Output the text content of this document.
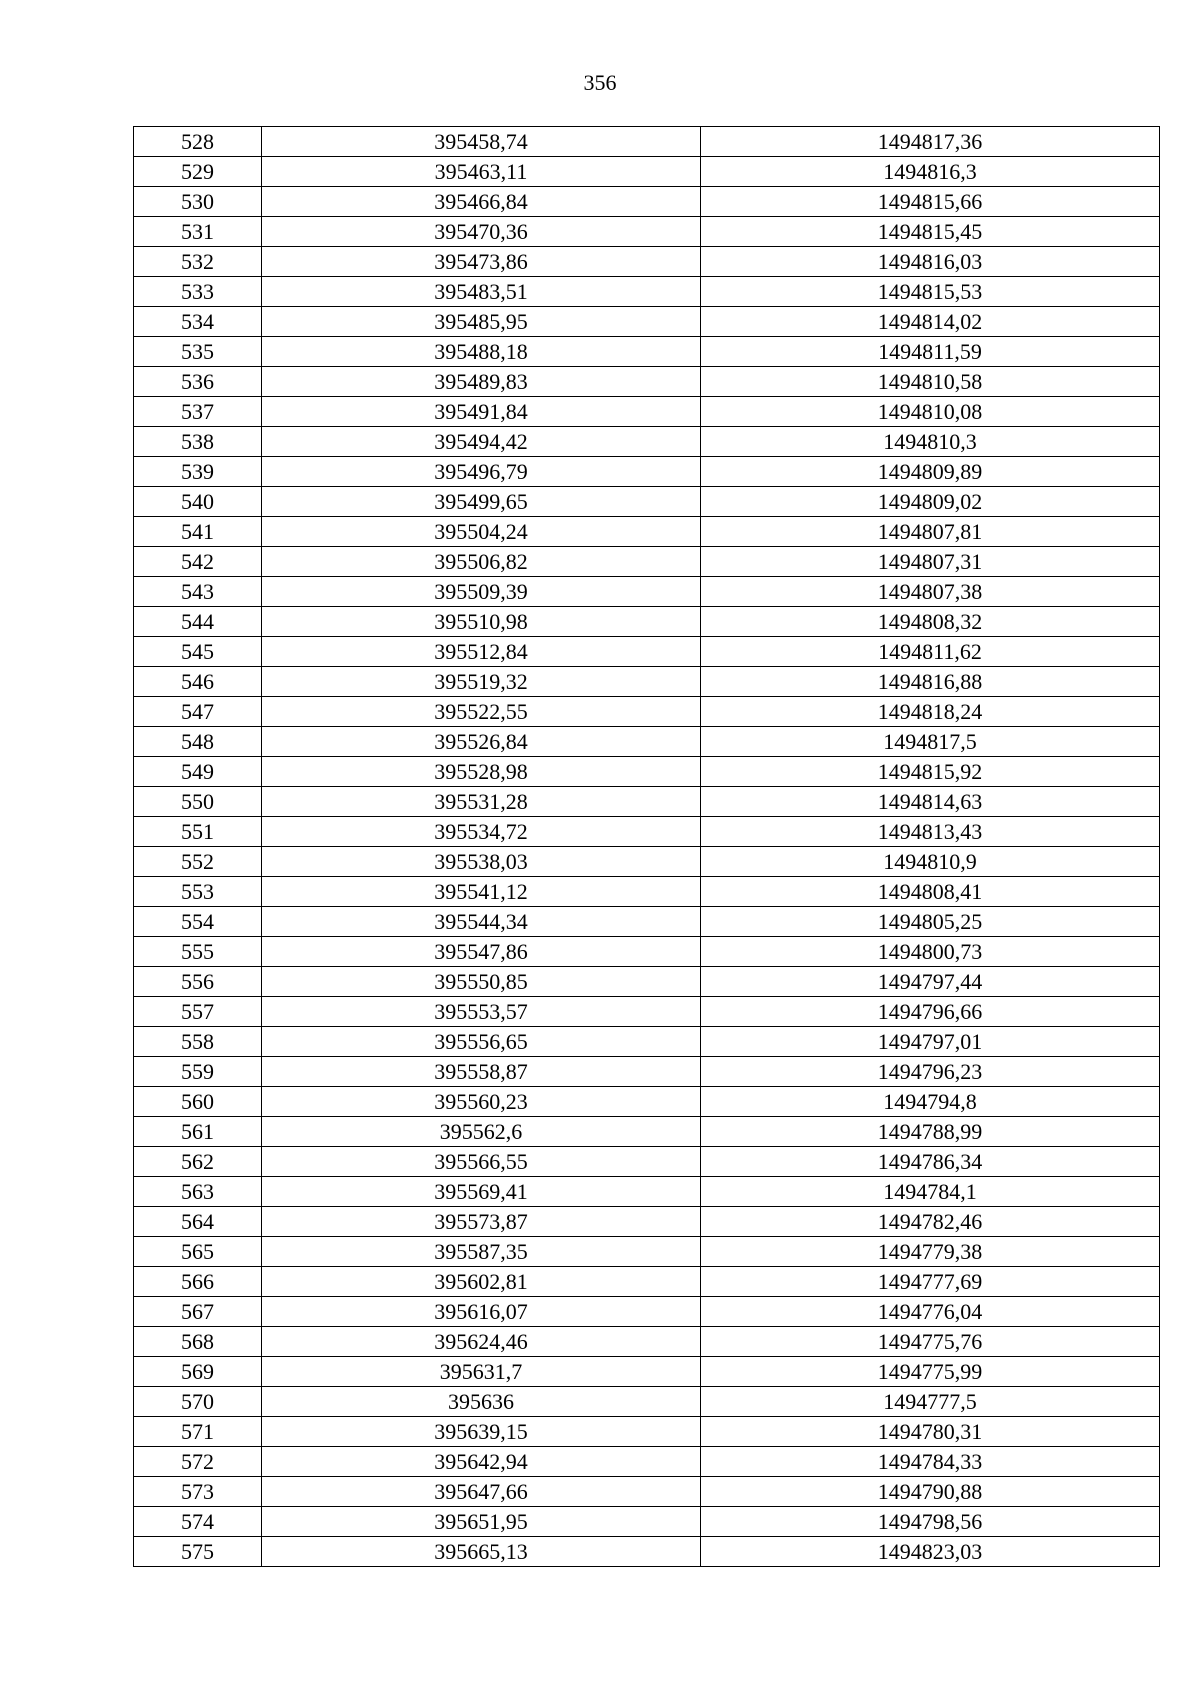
356
528	395458,74	1494817,36
529	395463,11	1494816,3
530	395466,84	1494815,66
531	395470,36	1494815,45
532	395473,86	1494816,03
533	395483,51	1494815,53
534	395485,95	1494814,02
535	395488,18	1494811,59
536	395489,83	1494810,58
537	395491,84	1494810,08
538	395494,42	1494810,3
539	395496,79	1494809,89
540	395499,65	1494809,02
541	395504,24	1494807,81
542	395506,82	1494807,31
543	395509,39	1494807,38
544	395510,98	1494808,32
545	395512,84	1494811,62
546	395519,32	1494816,88
547	395522,55	1494818,24
548	395526,84	1494817,5
549	395528,98	1494815,92
550	395531,28	1494814,63
551	395534,72	1494813,43
552	395538,03	1494810,9
553	395541,12	1494808,41
554	395544,34	1494805,25
555	395547,86	1494800,73
556	395550,85	1494797,44
557	395553,57	1494796,66
558	395556,65	1494797,01
559	395558,87	1494796,23
560	395560,23	1494794,8
561	395562,6	1494788,99
562	395566,55	1494786,34
563	395569,41	1494784,1
564	395573,87	1494782,46
565	395587,35	1494779,38
566	395602,81	1494777,69
567	395616,07	1494776,04
568	395624,46	1494775,76
569	395631,7	1494775,99
570	395636	1494777,5
571	395639,15	1494780,31
572	395642,94	1494784,33
573	395647,66	1494790,88
574	395651,95	1494798,56
575	395665,13	1494823,03
